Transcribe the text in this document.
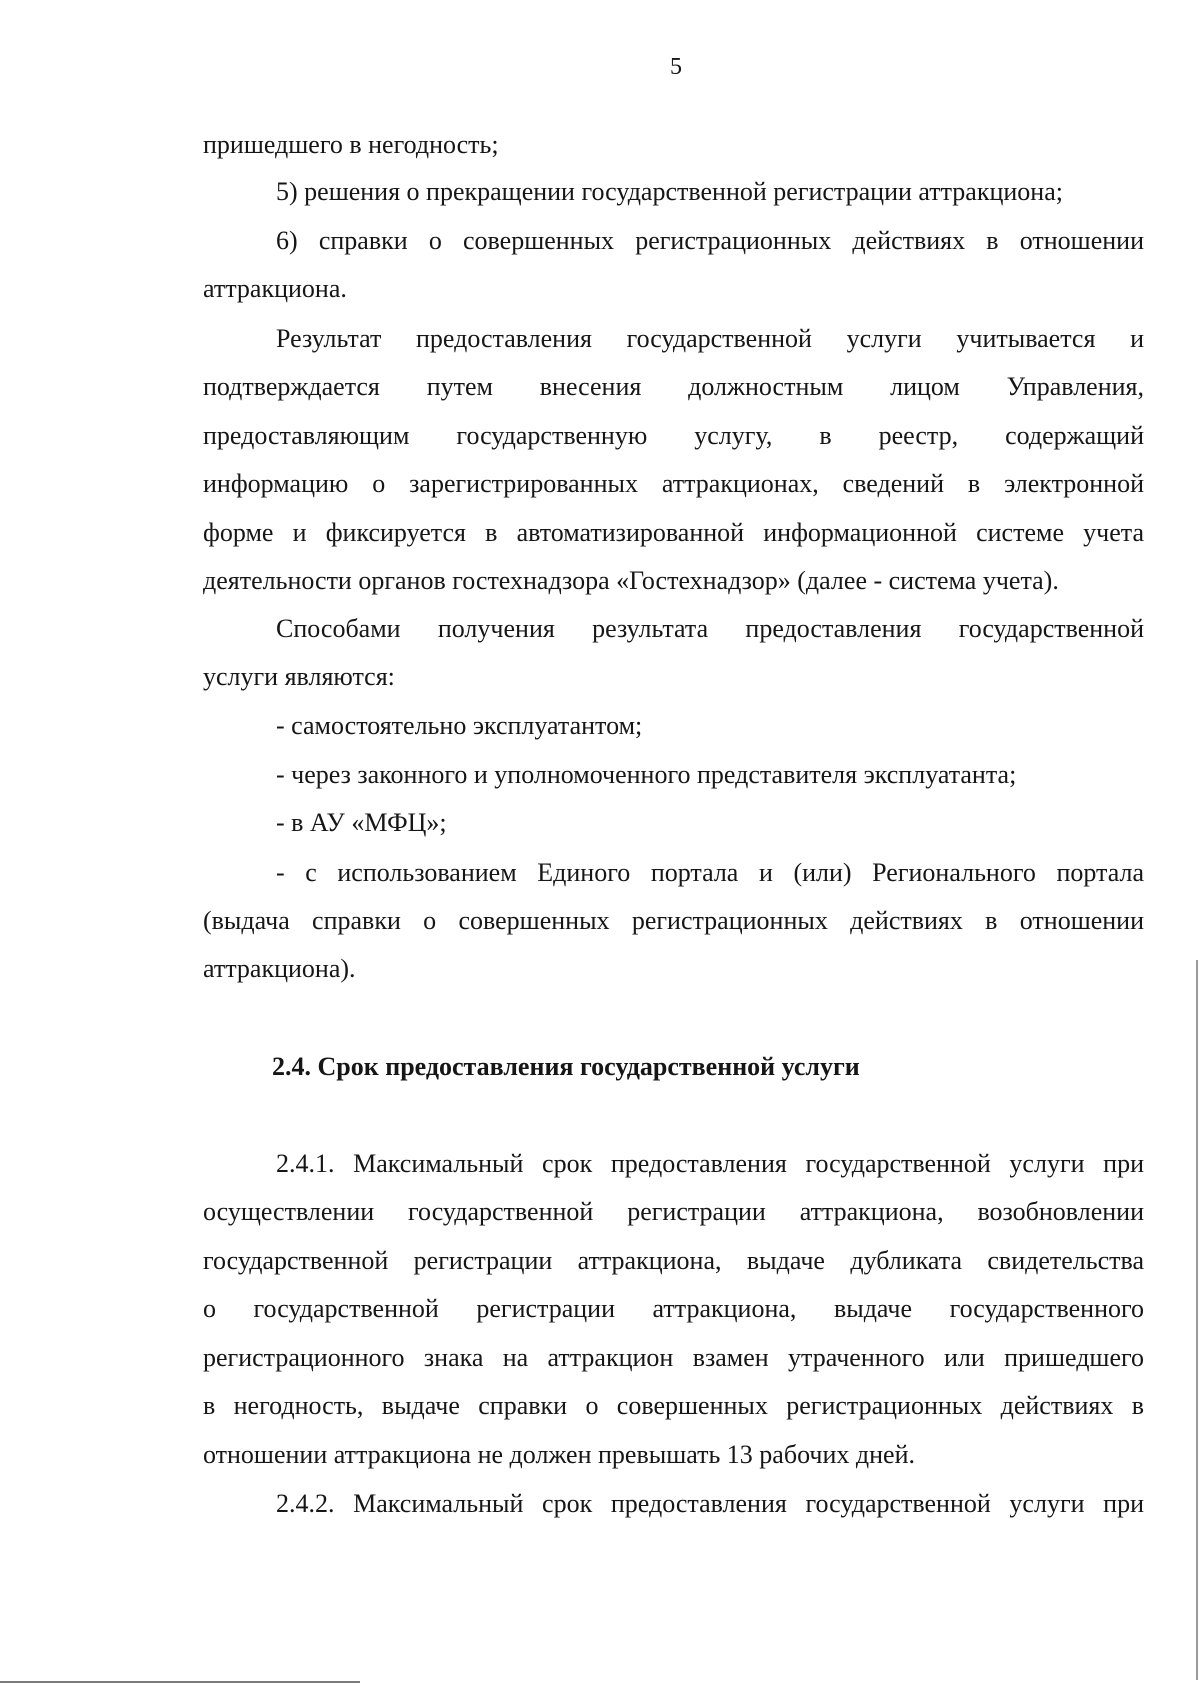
5
пришедшего в негодность;
5) решения о прекращении государственной регистрации аттракциона;
6) справки о совершенных регистрационных действиях в отношении
аттракциона.
Результат предоставления государственной услуги учитывается и
подтверждается путем внесения должностным лицом Управления,
предоставляющим государственную услугу, в реестр, содержащий
информацию о зарегистрированных аттракционах, сведений в электронной
форме и фиксируется в автоматизированной информационной системе учета
деятельности органов гостехнадзора «Гостехнадзор» (далее - система учета).
Способами получения результата предоставления государственной
услуги являются:
- самостоятельно эксплуатантом;
- через законного и уполномоченного представителя эксплуатанта;
- в АУ «МФЦ»;
- с использованием Единого портала и (или) Регионального портала
(выдача справки о совершенных регистрационных действиях в отношении
аттракциона).
2.4. Срок предоставления государственной услуги
2.4.1. Максимальный срок предоставления государственной услуги при
осуществлении государственной регистрации аттракциона, возобновлении
государственной регистрации аттракциона, выдаче дубликата свидетельства
о государственной регистрации аттракциона, выдаче государственного
регистрационного знака на аттракцион взамен утраченного или пришедшего
в негодность, выдаче справки о совершенных регистрационных действиях в
отношении аттракциона не должен превышать 13 рабочих дней.
2.4.2. Максимальный срок предоставления государственной услуги при
